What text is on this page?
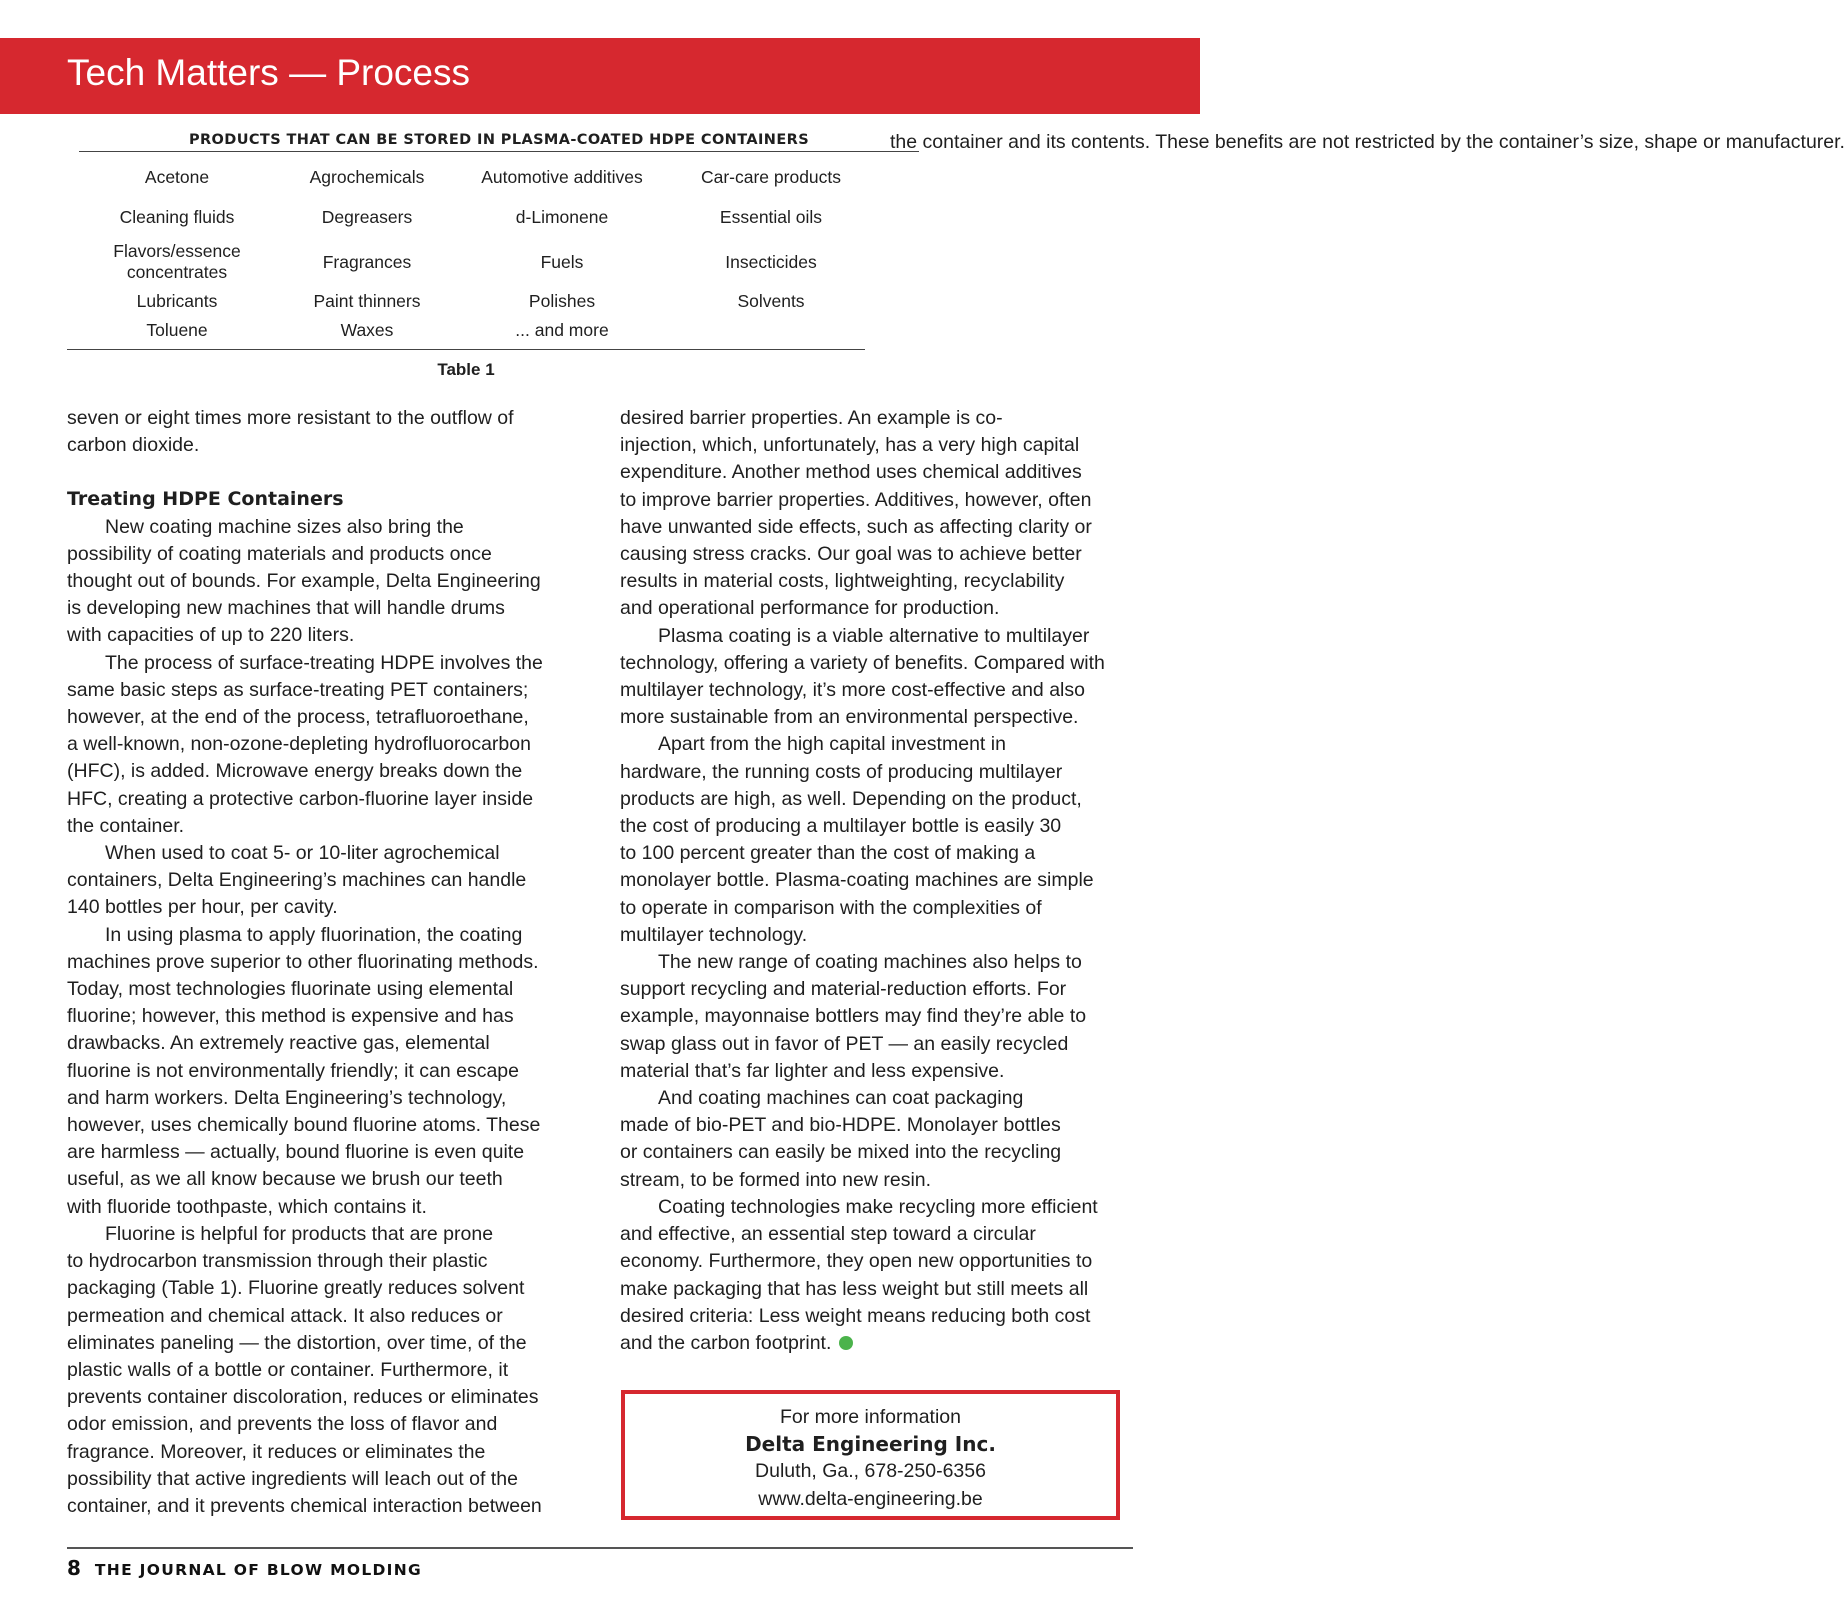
Tech Matters — Process
PRODUCTS THAT CAN BE STORED IN PLASMA-COATED HDPE CONTAINERS
Acetone	Agrochemicals	Automotive additives	Car-care products
Cleaning fluids	Degreasers	d-Limonene	Essential oils
Flavors/essence concentrates	Fragrances	Fuels	Insecticides
Lubricants	Paint thinners	Polishes	Solvents
Toluene	Waxes	... and more	
Table 1
the container and its contents. These benefits are not restricted by the container’s size, shape or manufacturer.
seven or eight times more resistant to the outflow of
carbon dioxide.
Treating HDPE Containers

New coating machine sizes also bring the

possibility of coating materials and products once
thought out of bounds. For example, Delta Engineering
is developing new machines that will handle drums
with capacities of up to 220 liters.

The process of surface-treating HDPE involves the

same basic steps as surface-treating PET containers;
however, at the end of the process, tetrafluoroethane,
a well-known, non-ozone-depleting hydrofluorocarbon
(HFC), is added. Microwave energy breaks down the
HFC, creating a protective carbon-fluorine layer inside
the container.

When used to coat 5- or 10-liter agrochemical

containers, Delta Engineering’s machines can handle
140 bottles per hour, per cavity.

In using plasma to apply fluorination, the coating

machines prove superior to other fluorinating methods.
Today, most technologies fluorinate using elemental
fluorine; however, this method is expensive and has
drawbacks. An extremely reactive gas, elemental
fluorine is not environmentally friendly; it can escape
and harm workers. Delta Engineering’s technology,
however, uses chemically bound fluorine atoms. These
are harmless — actually, bound fluorine is even quite
useful, as we all know because we brush our teeth
with fluoride toothpaste, which contains it.

Fluorine is helpful for products that are prone

to hydrocarbon transmission through their plastic
packaging (Table 1). Fluorine greatly reduces solvent
permeation and chemical attack. It also reduces or
eliminates paneling — the distortion, over time, of the
plastic walls of a bottle or container. Furthermore, it
prevents container discoloration, reduces or eliminates
odor emission, and prevents the loss of flavor and
fragrance. Moreover, it reduces or eliminates the
possibility that active ingredients will leach out of the
container, and it prevents chemical interaction between
desired barrier properties. An example is co-
injection, which, unfortunately, has a very high capital
expenditure. Another method uses chemical additives
to improve barrier properties. Additives, however, often
have unwanted side effects, such as affecting clarity or
causing stress cracks. Our goal was to achieve better
results in material costs, lightweighting, recyclability
and operational performance for production.

Plasma coating is a viable alternative to multilayer

technology, offering a variety of benefits. Compared with
multilayer technology, it’s more cost-effective and also
more sustainable from an environmental perspective.

Apart from the high capital investment in

hardware, the running costs of producing multilayer
products are high, as well. Depending on the product,
the cost of producing a multilayer bottle is easily 30
to 100 percent greater than the cost of making a
monolayer bottle. Plasma-coating machines are simple
to operate in comparison with the complexities of
multilayer technology.

The new range of coating machines also helps to

support recycling and material-reduction efforts. For
example, mayonnaise bottlers may find they’re able to
swap glass out in favor of PET — an easily recycled
material that’s far lighter and less expensive.

And coating machines can coat packaging

made of bio-PET and bio-HDPE. Monolayer bottles
or containers can easily be mixed into the recycling
stream, to be formed into new resin.

Coating technologies make recycling more efficient

and effective, an essential step toward a circular
economy. Furthermore, they open new opportunities to
make packaging that has less weight but still meets all
desired criteria: Less weight means reducing both cost
and the carbon footprint.
For more information
Delta Engineering Inc.
Duluth, Ga., 678-250-6356
www.delta-engineering.be
8 THE JOURNAL OF BLOW MOLDING
